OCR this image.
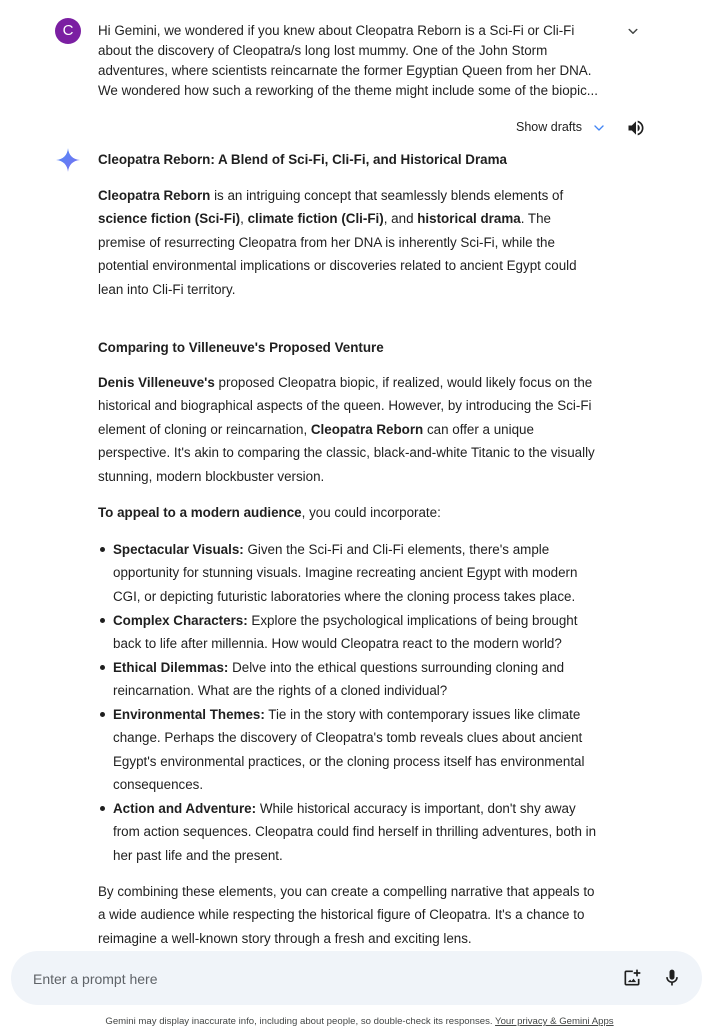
C	Hi Gemini, we wondered if you knew about Cleopatra Reborn is a Sci-Fi or Cli-Fi
about the discovery of Cleopatra/s long lost mummy. One of the John Storm
adventures, where scientists reincarnate the former Egyptian Queen from her DNA.
We wondered how such a reworking of the theme might include some of the biopic...
Show drafts
Cleopatra Reborn: A Blend of Sci-Fi, Cli-Fi, and Historical Drama
Cleopatra Reborn is an intriguing concept that seamlessly blends elements of
science fiction (Sci-Fi), climate fiction (Cli-Fi), and historical drama. The
premise of resurrecting Cleopatra from her DNA is inherently Sci-Fi, while the
potential environmental implications or discoveries related to ancient Egypt could
lean into Cli-Fi territory.
Comparing to Villeneuve's Proposed Venture
Denis Villeneuve's proposed Cleopatra biopic, if realized, would likely focus on the
historical and biographical aspects of the queen. However, by introducing the Sci-Fi
element of cloning or reincarnation, Cleopatra Reborn can offer a unique
perspective. It's akin to comparing the classic, black-and-white Titanic to the visually
stunning, modern blockbuster version.
To appeal to a modern audience, you could incorporate:
Spectacular Visuals: Given the Sci-Fi and Cli-Fi elements, there's ample
opportunity for stunning visuals. Imagine recreating ancient Egypt with modern
CGI, or depicting futuristic laboratories where the cloning process takes place.
Complex Characters: Explore the psychological implications of being brought
back to life after millennia. How would Cleopatra react to the modern world?
Ethical Dilemmas: Delve into the ethical questions surrounding cloning and
reincarnation. What are the rights of a cloned individual?
Environmental Themes: Tie in the story with contemporary issues like climate
change. Perhaps the discovery of Cleopatra's tomb reveals clues about ancient
Egypt's environmental practices, or the cloning process itself has environmental
consequences.
Action and Adventure: While historical accuracy is important, don't shy away
from action sequences. Cleopatra could find herself in thrilling adventures, both in
her past life and the present.
By combining these elements, you can create a compelling narrative that appeals to
a wide audience while respecting the historical figure of Cleopatra. It's a chance to
reimagine a well-known story through a fresh and exciting lens.
Enter a prompt here
Gemini may display inaccurate info, including about people, so double-check its responses. Your privacy & Gemini Apps
